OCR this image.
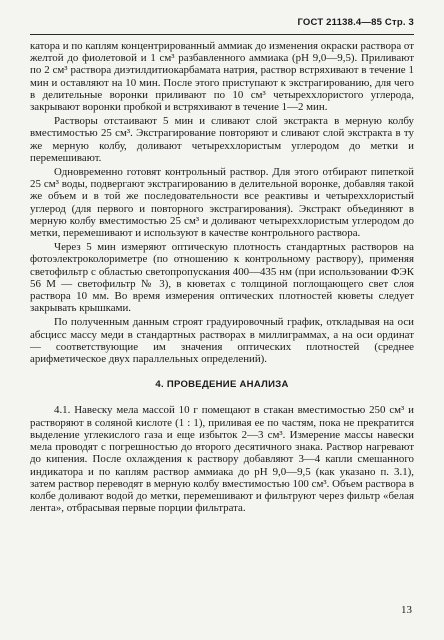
ГОСТ 21138.4—85 Стр. 3

катора и по каплям концентрированный аммиак до изменения окраски раствора от желтой до фиолетовой и 1 см³ разбавленного аммиака (pH 9,0—9,5). Приливают по 2 см³ раствора диэтилдитиокарбамата натрия, раствор встряхивают в течение 1 мин и оставляют на 10 мин. После этого приступают к экстрагированию, для чего в делительные воронки приливают по 10 см³ четыреххлористого углерода, закрывают воронки пробкой и встряхивают в течение 1—2 мин.

Растворы отстаивают 5 мин и сливают слой экстракта в мерную колбу вместимостью 25 см³. Экстрагирование повторяют и сливают слой экстракта в ту же мерную колбу, доливают четыреххлористым углеродом до метки и перемешивают.

Одновременно готовят контрольный раствор. Для этого отбирают пипеткой 25 см³ воды, подвергают экстрагированию в делительной воронке, добавляя такой же объем и в той же последовательности все реактивы и четыреххлористый углерод (для первого и повторного экстрагирования). Экстракт объединяют в мерную колбу вместимостью 25 см³ и доливают четыреххлористым углеродом до метки, перемешивают и используют в качестве контрольного раствора.

Через 5 мин измеряют оптическую плотность стандартных растворов на фотоэлектроколориметре (по отношению к контрольному раствору), применяя светофильтр с областью светопропускания 400—435 нм (при использовании ФЭК 56 М — светофильтр № 3), в кюветах с толщиной поглощающего свет слоя раствора 10 мм. Во время измерения оптических плотностей кюветы следует закрывать крышками.

По полученным данным строят градуировочный график, откладывая на оси абсцисс массу меди в стандартных растворах в миллиграммах, а на оси ординат — соответствующие им значения оптических плотностей (среднее арифметическое двух параллельных определений).

4. ПРОВЕДЕНИЕ АНАЛИЗА

4.1. Навеску мела массой 10 г помещают в стакан вместимостью 250 см³ и растворяют в соляной кислоте (1 : 1), приливая ее по частям, пока не прекратится выделение углекислого газа и еще избыток 2—3 см³. Измерение массы навески мела проводят с погрешностью до второго десятичного знака. Раствор нагревают до кипения. После охлаждения к раствору добавляют 3—4 капли смешанного индикатора и по каплям раствор аммиака до pH 9,0—9,5 (как указано п. 3.1), затем раствор переводят в мерную колбу вместимостью 100 см³. Объем раствора в колбе доливают водой до метки, перемешивают и фильтруют через фильтр «белая лента», отбрасывая первые порции фильтрата.

13
